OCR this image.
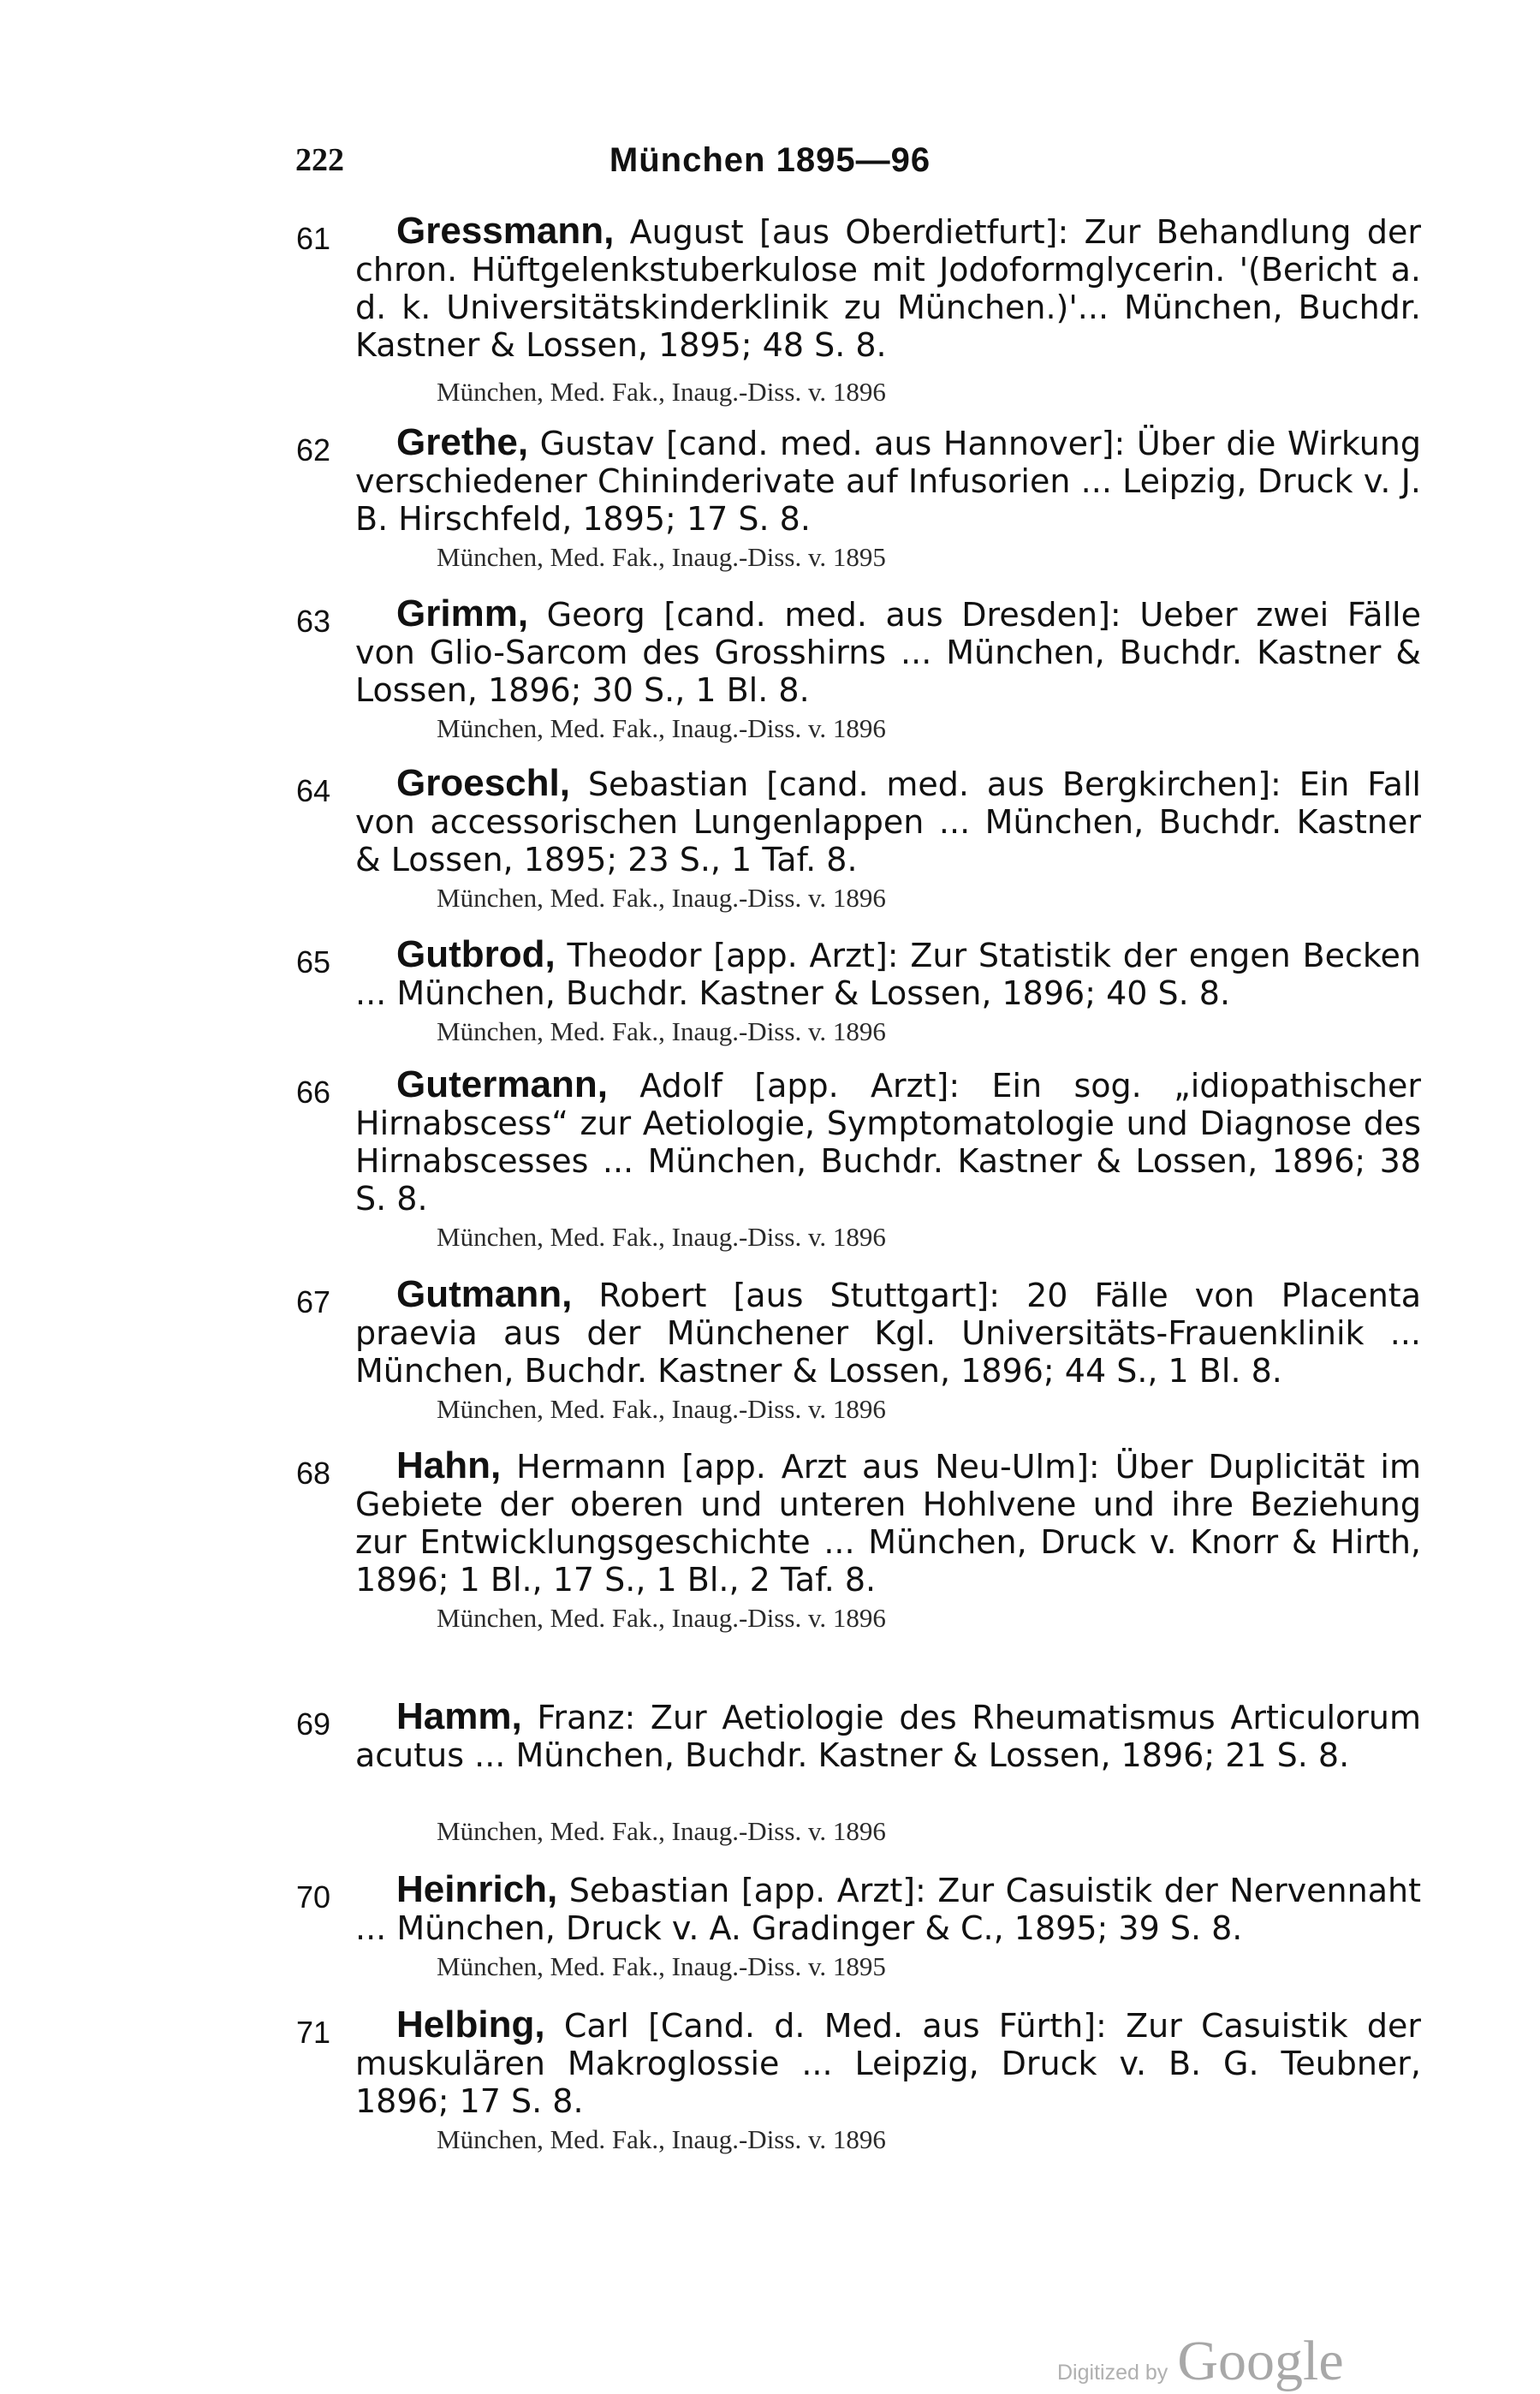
222	München 1895—96
61	Gressmann, August [aus Oberdietfurt]: Zur Behandlung der chron. Hüftgelenkstuberkulose mit Jodoformglycerin. '(Bericht a. d. k. Universitätskinderklinik zu München.)'... München, Buchdr. Kastner & Lossen, 1895; 48 S. 8.
München, Med. Fak., Inaug.-Diss. v. 1896
62	Grethe, Gustav [cand. med. aus Hannover]: Über die Wirkung verschiedener Chininderivate auf Infusorien ... Leipzig, Druck v. J. B. Hirschfeld, 1895; 17 S. 8.
München, Med. Fak., Inaug.-Diss. v. 1895
63	Grimm, Georg [cand. med. aus Dresden]: Ueber zwei Fälle von Glio-Sarcom des Grosshirns ... München, Buchdr. Kastner & Lossen, 1896; 30 S., 1 Bl. 8.
München, Med. Fak., Inaug.-Diss. v. 1896
64	Groeschl, Sebastian [cand. med. aus Bergkirchen]: Ein Fall von accessorischen Lungenlappen ... München, Buchdr. Kastner & Lossen, 1895; 23 S., 1 Taf. 8.
München, Med. Fak., Inaug.-Diss. v. 1896
65	Gutbrod, Theodor [app. Arzt]: Zur Statistik der engen Becken ... München, Buchdr. Kastner & Lossen, 1896; 40 S. 8.
München, Med. Fak., Inaug.-Diss. v. 1896
66	Gutermann, Adolf [app. Arzt]: Ein sog. „idiopathischer Hirnabscess“ zur Aetiologie, Symptomatologie und Diagnose des Hirnabscesses ... München, Buchdr. Kastner & Lossen, 1896; 38 S. 8.
München, Med. Fak., Inaug.-Diss. v. 1896
67	Gutmann, Robert [aus Stuttgart]: 20 Fälle von Placenta praevia aus der Münchener Kgl. Universitäts-Frauenklinik ... München, Buchdr. Kastner & Lossen, 1896; 44 S., 1 Bl. 8.
München, Med. Fak., Inaug.-Diss. v. 1896
68	Hahn, Hermann [app. Arzt aus Neu-Ulm]: Über Duplicität im Gebiete der oberen und unteren Hohlvene und ihre Beziehung zur Entwicklungsgeschichte ... München, Druck v. Knorr & Hirth, 1896; 1 Bl., 17 S., 1 Bl., 2 Taf. 8.
München, Med. Fak., Inaug.-Diss. v. 1896
69	Hamm, Franz: Zur Aetiologie des Rheumatismus Articulorum acutus ... München, Buchdr. Kastner & Lossen, 1896; 21 S. 8.
München, Med. Fak., Inaug.-Diss. v. 1896
70	Heinrich, Sebastian [app. Arzt]: Zur Casuistik der Nervennaht ... München, Druck v. A. Gradinger & C., 1895; 39 S. 8.
München, Med. Fak., Inaug.-Diss. v. 1895
71	Helbing, Carl [Cand. d. Med. aus Fürth]: Zur Casuistik der muskulären Makroglossie ... Leipzig, Druck v. B. G. Teubner, 1896; 17 S. 8.
München, Med. Fak., Inaug.-Diss. v. 1896
Digitized by Google
